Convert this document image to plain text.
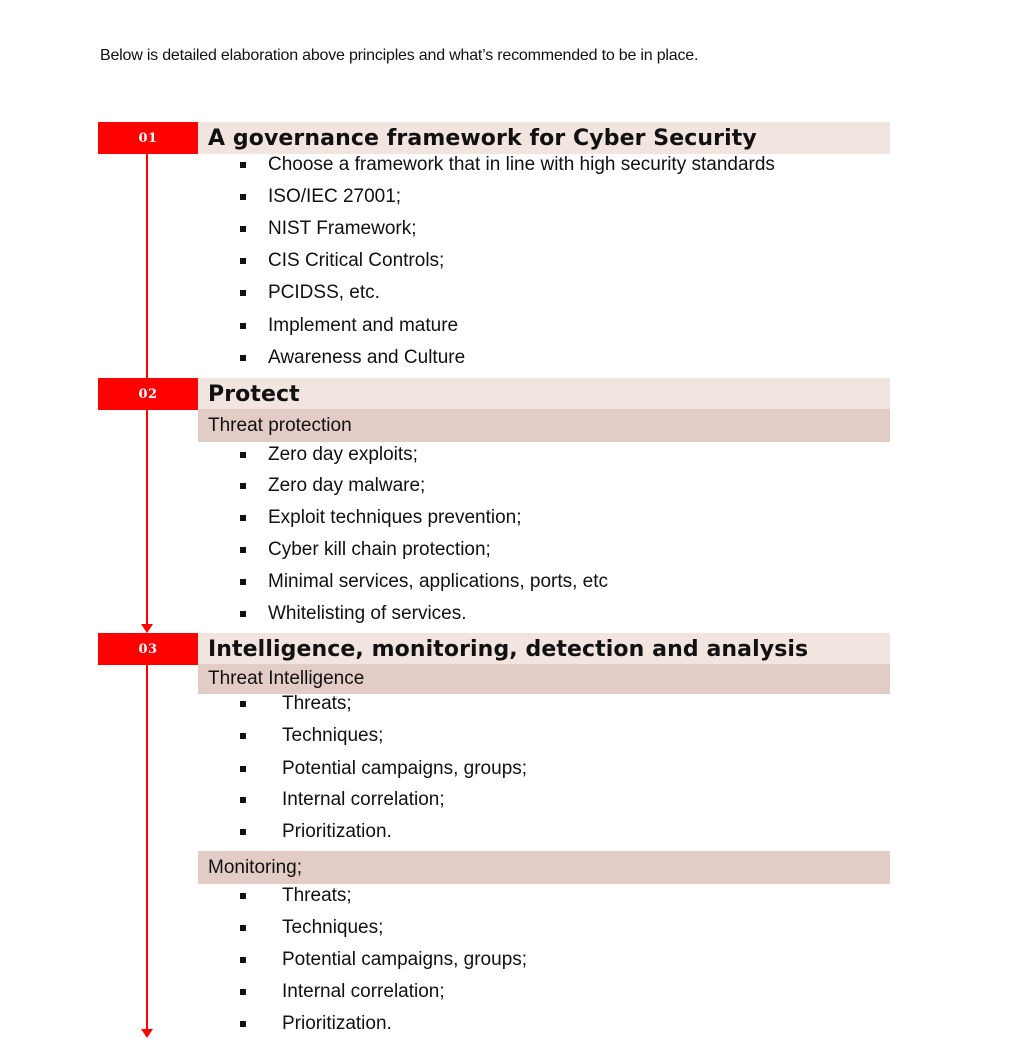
Below is detailed elaboration above principles and what’s recommended to be in place.
01	A governance framework for Cyber Security
Choose a framework that in line with high security standards
ISO/IEC 27001;
NIST Framework;
CIS Critical Controls;
PCIDSS, etc.
Implement and mature
Awareness and Culture
02	Protect
Threat protection
Zero day exploits;
Zero day malware;
Exploit techniques prevention;
Cyber kill chain protection;
Minimal services, applications, ports, etc
Whitelisting of services.
03	Intelligence, monitoring, detection and analysis
Threat Intelligence
Threats;
Techniques;
Potential campaigns, groups;
Internal correlation;
Prioritization.
Monitoring;
Threats;
Techniques;
Potential campaigns, groups;
Internal correlation;
Prioritization.
